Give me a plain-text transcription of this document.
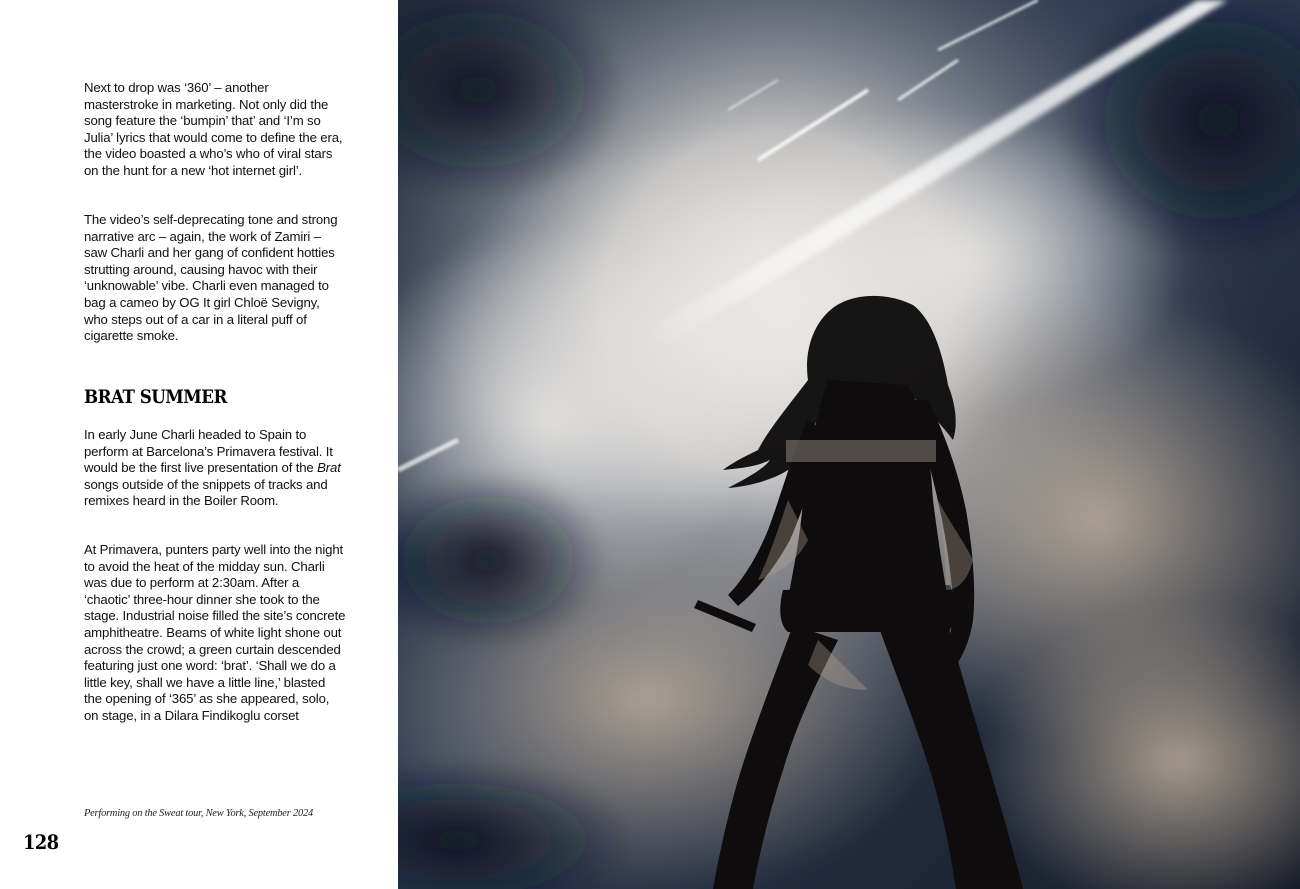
Next to drop was ‘360’ – another masterstroke in marketing. Not only did the song feature the ‘bumpin’ that’ and ‘I’m so Julia’ lyrics that would come to define the era, the video boasted a who’s who of viral stars on the hunt for a new ‘hot internet girl’.

The video’s self-deprecating tone and strong narrative arc – again, the work of Zamiri – saw Charli and her gang of confident hotties strutting around, causing havoc with their ‘unknowable’ vibe. Charli even managed to bag a cameo by OG It girl Chloë Sevigny, who steps out of a car in a literal puff of cigarette smoke.

BRAT SUMMER

In early June Charli headed to Spain to perform at Barcelona’s Primavera festival. It would be the first live presentation of the Brat songs outside of the snippets of tracks and remixes heard in the Boiler Room.

At Primavera, punters party well into the night to avoid the heat of the midday sun. Charli was due to perform at 2:30am. After a ‘chaotic’ three-hour dinner she took to the stage. Industrial noise filled the site’s concrete amphitheatre. Beams of white light shone out across the crowd; a green curtain descended featuring just one word: ‘brat’. ‘Shall we do a little key, shall we have a little line,’ blasted the opening of ‘365’ as she appeared, solo, on stage, in a Dilara Findikoglu corset

Performing on the Sweat tour, New York, September 2024

128
